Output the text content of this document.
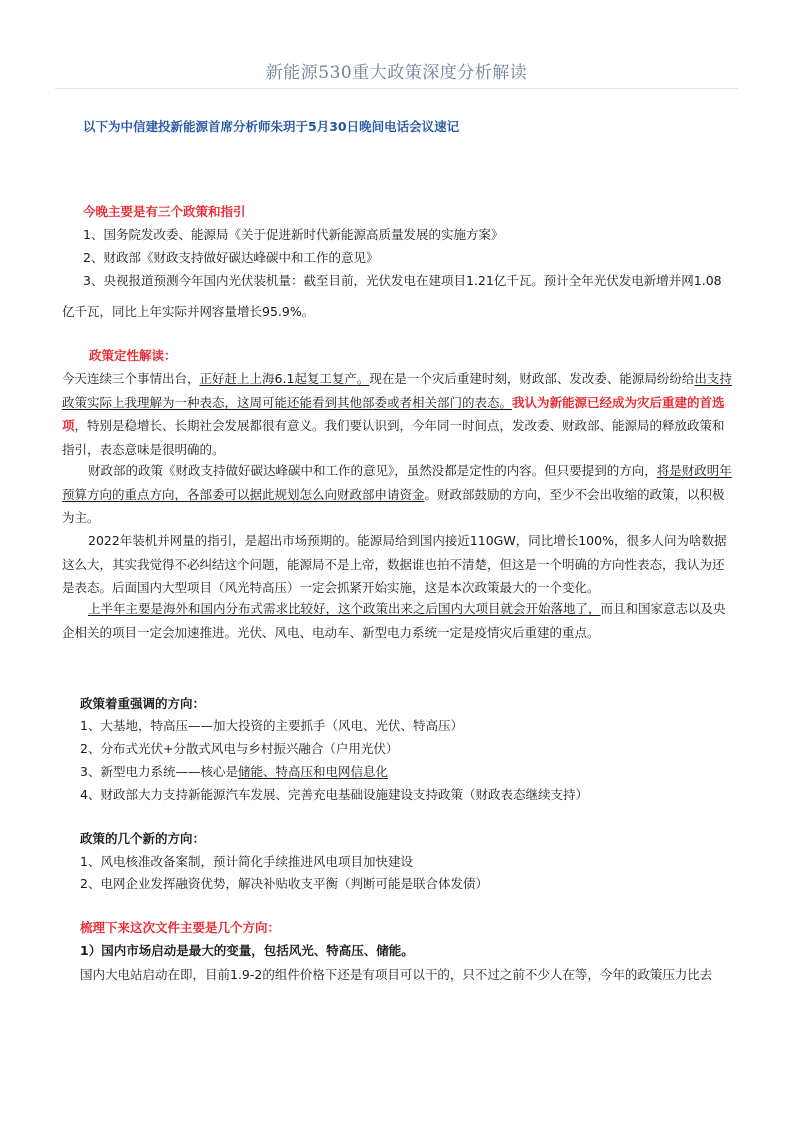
新能源530重大政策深度分析解读
以下为中信建投新能源首席分析师朱玥于5月30日晚间电话会议速记
今晚主要是有三个政策和指引
1、国务院发改委、能源局《关于促进新时代新能源高质量发展的实施方案》
2、财政部《财政支持做好碳达峰碳中和工作的意见》
3、央视报道预测今年国内光伏装机量：截至目前，光伏发电在建项目1.21亿千瓦。预计全年光伏发电新增并网1.08
亿千瓦，同比上年实际并网容量增长95.9%。
政策定性解读：

今天连续三个事情出台，正好赶上上海6.1起复工复产。现在是一个灾后重建时刻，财政部、发改委、能源局纷纷给出支持政策实际上我理解为一种表态，这周可能还能看到其他部委或者相关部门的表态。我认为新能源已经成为灾后重建的首选项，特别是稳增长、长期社会发展都很有意义。我们要认识到，今年同一时间点，发改委、财政部、能源局的释放政策和指引，表态意味是很明确的。

财政部的政策《财政支持做好碳达峰碳中和工作的意见》，虽然没都是定性的内容。但只要提到的方向，将是财政明年预算方向的重点方向，各部委可以据此规划怎么向财政部申请资金。财政部鼓励的方向，至少不会出收缩的政策，以积极为主。

2022年装机并网量的指引，是超出市场预期的。能源局给到国内接近110GW，同比增长100%，很多人问为啥数据这么大，其实我觉得不必纠结这个问题，能源局不是上帝，数据谁也拍不清楚，但这是一个明确的方向性表态，我认为还是表态。后面国内大型项目（风光特高压）一定会抓紧开始实施，这是本次政策最大的一个变化。

上半年主要是海外和国内分布式需求比较好，这个政策出来之后国内大项目就会开始落地了，而且和国家意志以及央企相关的项目一定会加速推进。光伏、风电、电动车、新型电力系统一定是疫情灾后重建的重点。

政策着重强调的方向：
1、大基地，特高压——加大投资的主要抓手（风电、光伏、特高压）
2、分布式光伏+分散式风电与乡村振兴融合（户用光伏）
3、新型电力系统——核心是储能、特高压和电网信息化
4、财政部大力支持新能源汽车发展、完善充电基础设施建设支持政策（财政表态继续支持）
政策的几个新的方向：
1、风电核准改备案制，预计简化手续推进风电项目加快建设
2、电网企业发挥融资优势，解决补贴收支平衡（判断可能是联合体发债）
梳理下来这次文件主要是几个方向：
1）国内市场启动是最大的变量，包括风光、特高压、储能。
国内大电站启动在即，目前1.9-2的组件价格下还是有项目可以干的，只不过之前不少人在等，今年的政策压力比去
